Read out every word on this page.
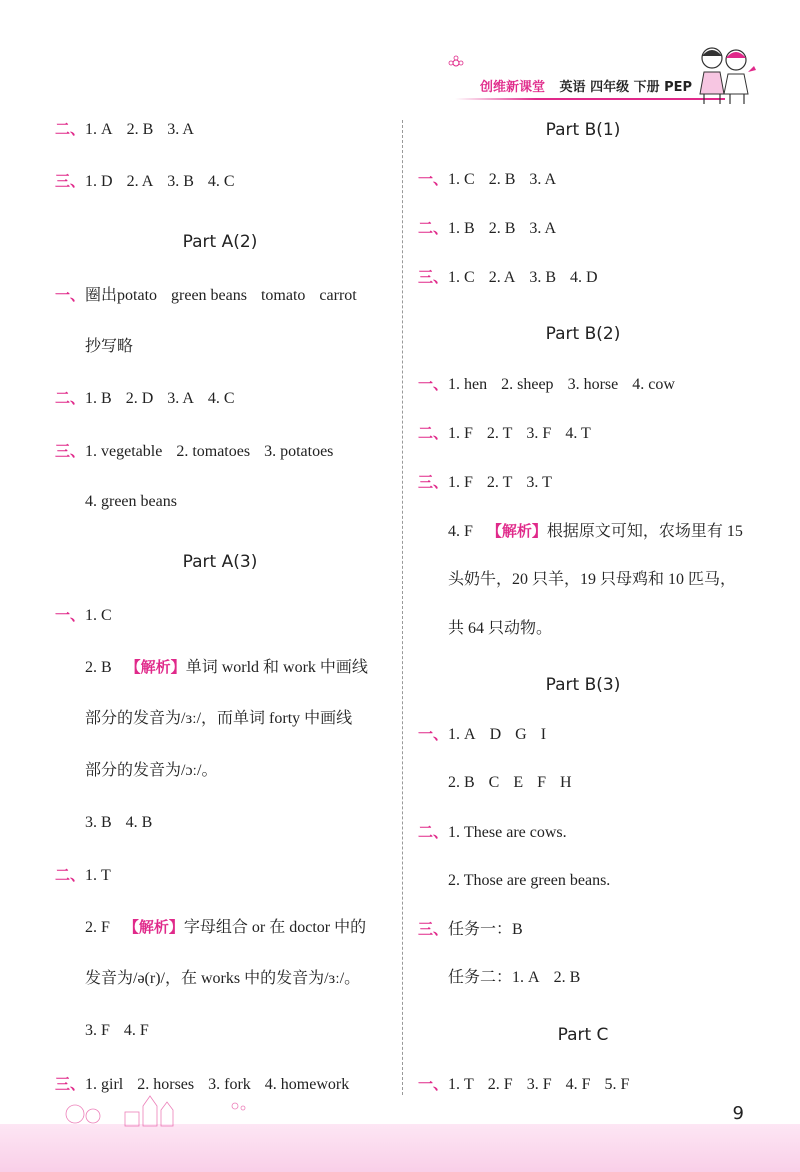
创维新课堂 英语 四年级 下册 PEP
二、1. A 2. B 3. A
三、1. D 2. A 3. B 4. C
Part A(2)
一、圈出potato green beans tomato carrot
抄写略
二、1. B 2. D 3. A 4. C
三、1. vegetable 2. tomatoes 3. potatoes
4. green beans
Part A(3)
一、1. C
2. B 【解析】单词 world 和 work 中画线
部分的发音为/ɜː/，而单词 forty 中画线
部分的发音为/ɔː/。
3. B 4. B
二、1. T
2. F 【解析】字母组合 or 在 doctor 中的
发音为/ə(r)/，在 works 中的发音为/ɜː/。
3. F 4. F
三、1. girl 2. horses 3. fork 4. homework
Part B(1)
一、1. C 2. B 3. A
二、1. B 2. B 3. A
三、1. C 2. A 3. B 4. D
Part B(2)
一、1. hen 2. sheep 3. horse 4. cow
二、1. F 2. T 3. F 4. T
三、1. F 2. T 3. T
4. F 【解析】根据原文可知，农场里有 15
头奶牛，20 只羊，19 只母鸡和 10 匹马，
共 64 只动物。
Part B(3)
一、1. A D G I
2. B C E F H
二、1. These are cows.
2. Those are green beans.
三、任务一：B
任务二：1. A 2. B
Part C
一、1. T 2. F 3. F 4. F 5. F
9
